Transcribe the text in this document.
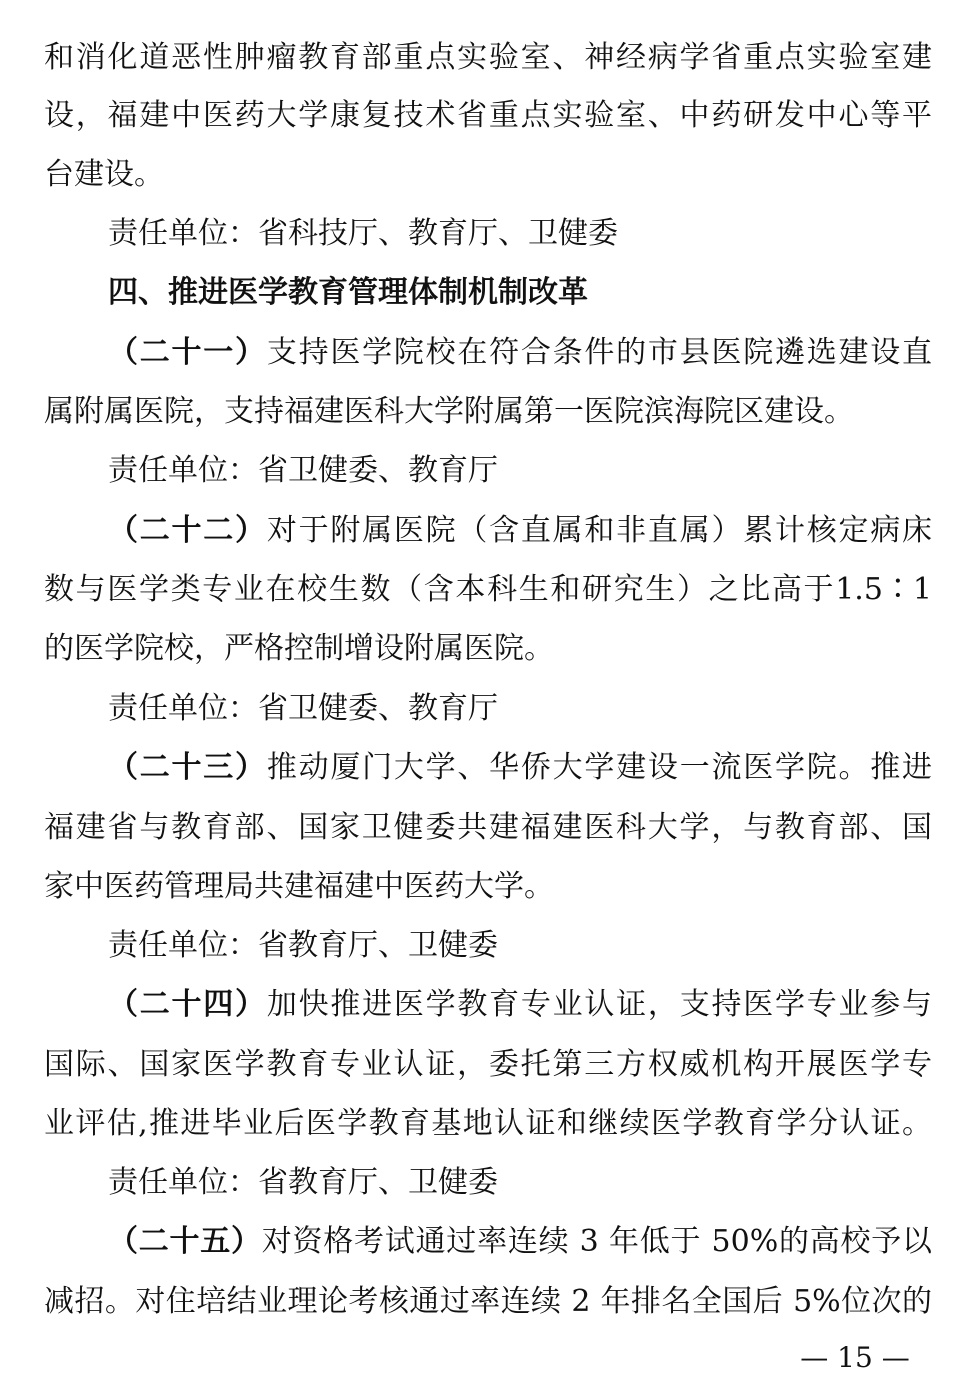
和消化道恶性肿瘤教育部重点实验室、神经病学省重点实验室建
设，福建中医药大学康复技术省重点实验室、中药研发中心等平
台建设。
责任单位：省科技厅、教育厅、卫健委
四、推进医学教育管理体制机制改革
（二十一）支持医学院校在符合条件的市县医院遴选建设直
属附属医院，支持福建医科大学附属第一医院滨海院区建设。
责任单位：省卫健委、教育厅
（二十二）对于附属医院（含直属和非直属）累计核定病床
数与医学类专业在校生数（含本科生和研究生）之比高于1.5∶1
的医学院校，严格控制增设附属医院。
责任单位：省卫健委、教育厅
（二十三）推动厦门大学、华侨大学建设一流医学院。推进
福建省与教育部、国家卫健委共建福建医科大学，与教育部、国
家中医药管理局共建福建中医药大学。
责任单位：省教育厅、卫健委
（二十四）加快推进医学教育专业认证，支持医学专业参与
国际、国家医学教育专业认证，委托第三方权威机构开展医学专
业评估,推进毕业后医学教育基地认证和继续医学教育学分认证。
责任单位：省教育厅、卫健委
（二十五）对资格考试通过率连续 3 年低于 50%的高校予以
减招。对住培结业理论考核通过率连续 2 年排名全国后 5%位次的
— 15 —
